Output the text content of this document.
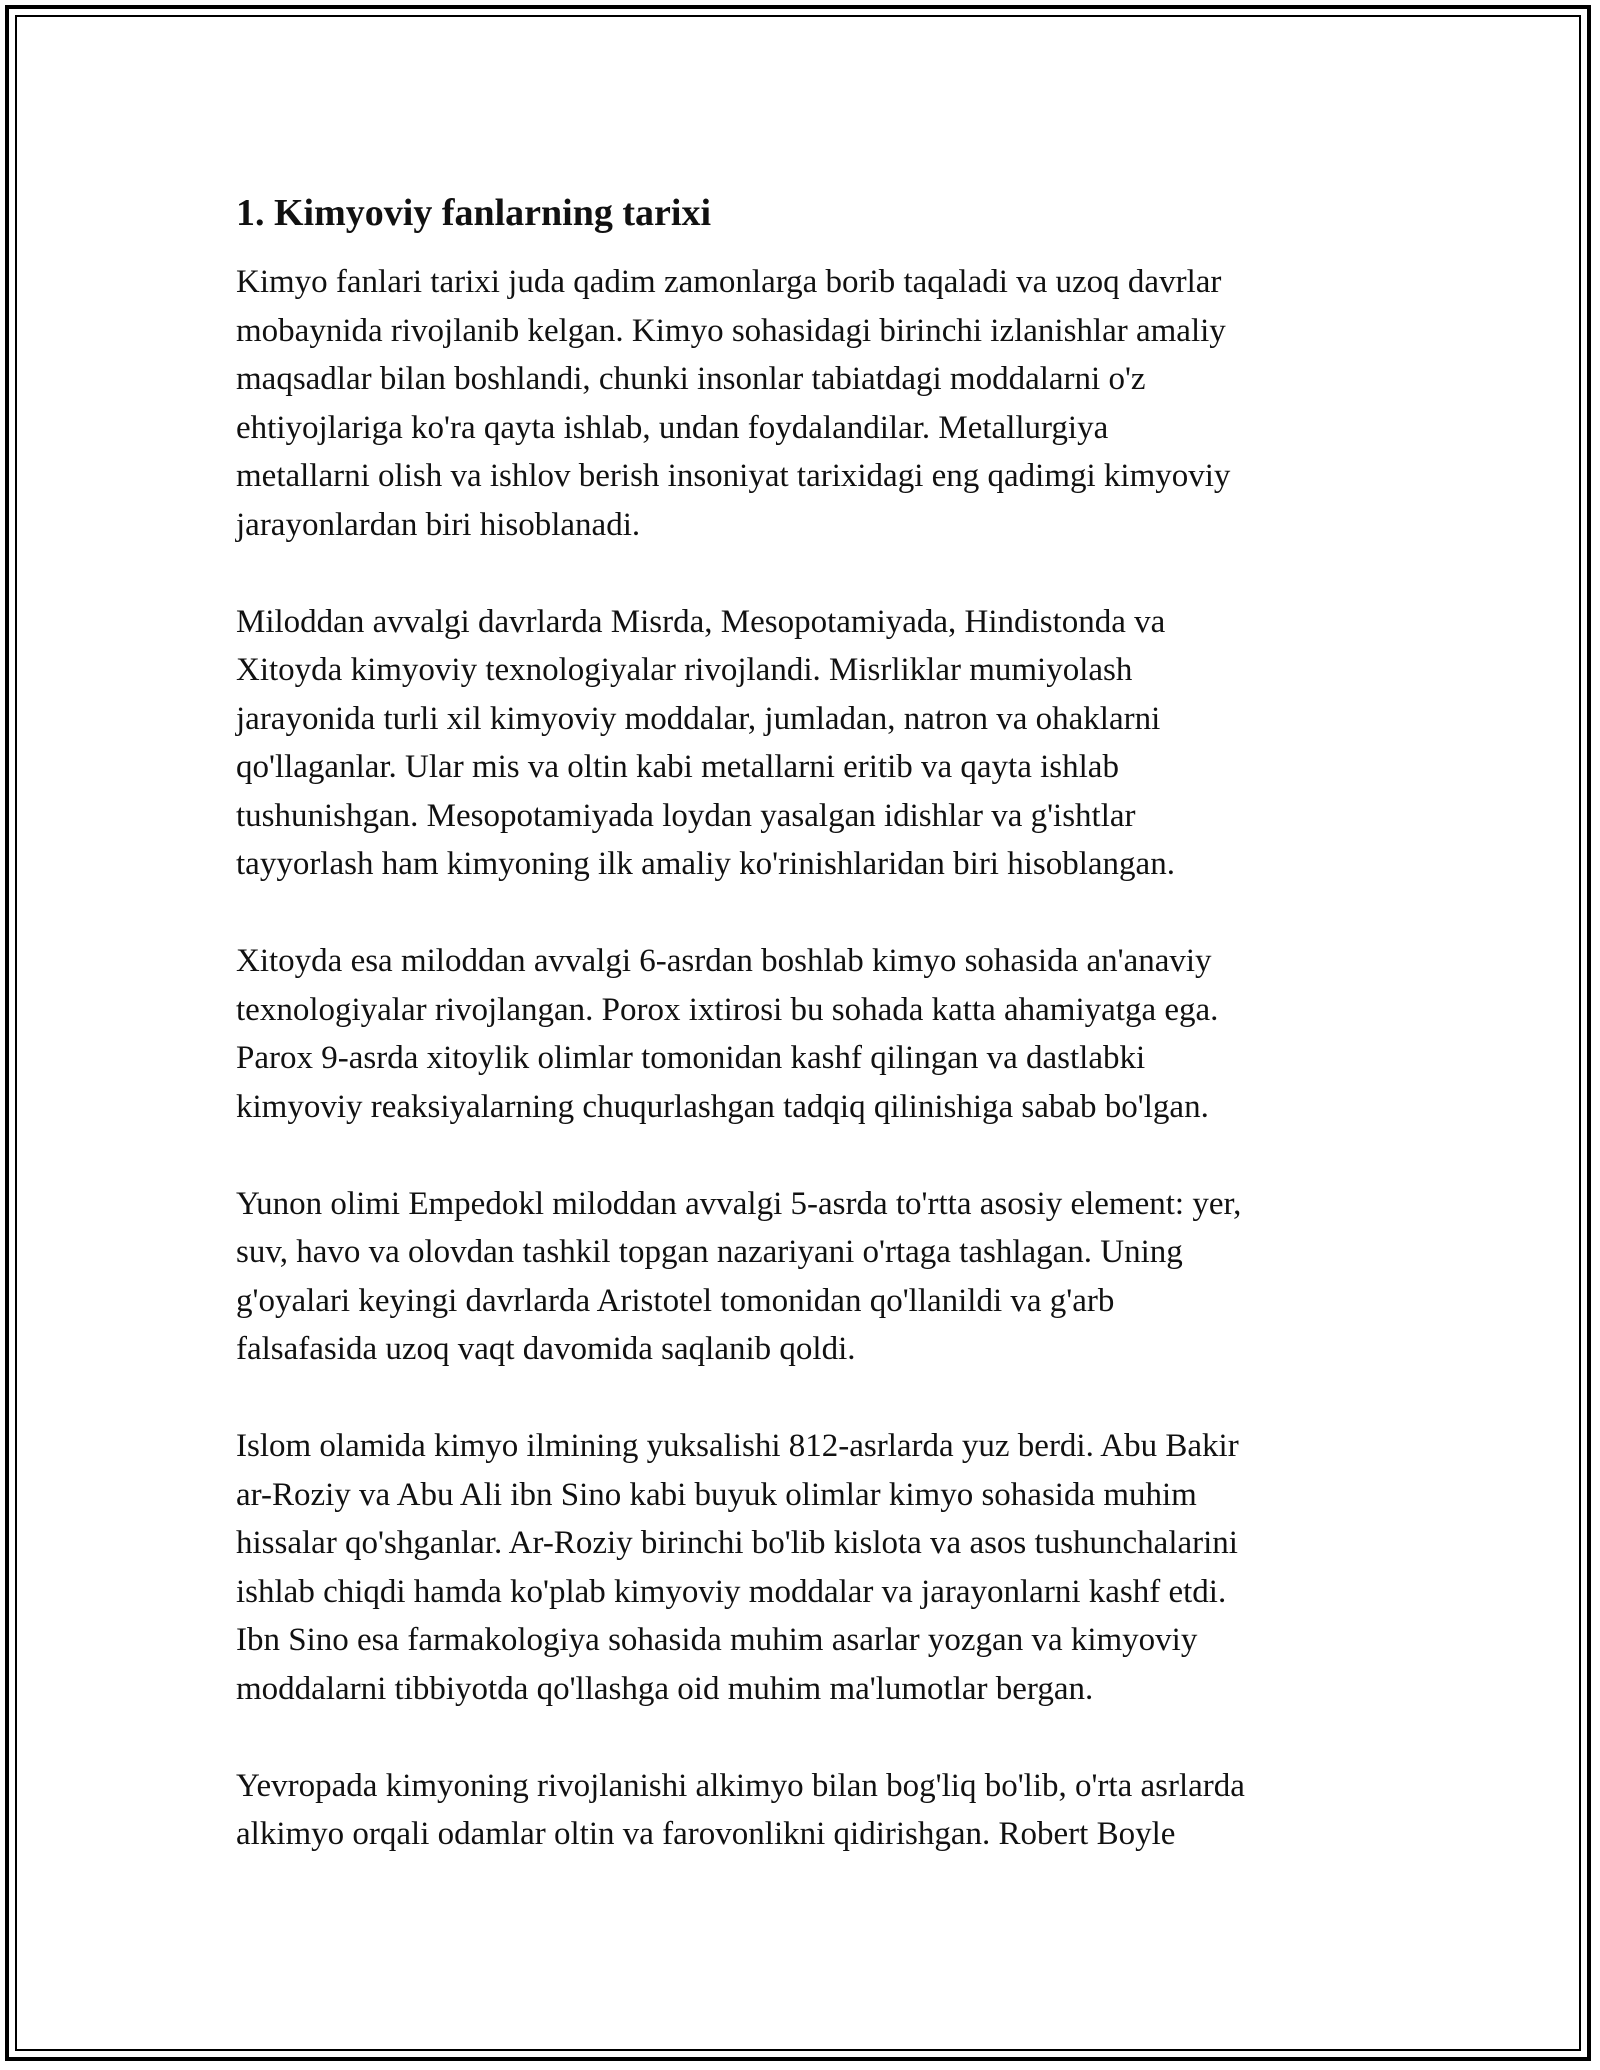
1. Kimyoviy fanlarning tarixi

Kimyo fanlari tarixi juda qadim zamonlarga borib taqaladi va uzoq davrlar
mobaynida rivojlanib kelgan. Kimyo sohasidagi birinchi izlanishlar amaliy
maqsadlar bilan boshlandi, chunki insonlar tabiatdagi moddalarni o'z
ehtiyojlariga ko'ra qayta ishlab, undan foydalandilar. Metallurgiya
metallarni olish va ishlov berish insoniyat tarixidagi eng qadimgi kimyoviy
jarayonlardan biri hisoblanadi.

Miloddan avvalgi davrlarda Misrda, Mesopotamiyada, Hindistonda va
Xitoyda kimyoviy texnologiyalar rivojlandi. Misrliklar mumiyolash
jarayonida turli xil kimyoviy moddalar, jumladan, natron va ohaklarni
qo'llaganlar. Ular mis va oltin kabi metallarni eritib va qayta ishlab
tushunishgan. Mesopotamiyada loydan yasalgan idishlar va g'ishtlar
tayyorlash ham kimyoning ilk amaliy ko'rinishlaridan biri hisoblangan.

Xitoyda esa miloddan avvalgi 6-asrdan boshlab kimyo sohasida an'anaviy
texnologiyalar rivojlangan. Porox ixtirosi bu sohada katta ahamiyatga ega.
Parox 9-asrda xitoylik olimlar tomonidan kashf qilingan va dastlabki
kimyoviy reaksiyalarning chuqurlashgan tadqiq qilinishiga sabab bo'lgan.

Yunon olimi Empedokl miloddan avvalgi 5-asrda to'rtta asosiy element: yer,
suv, havo va olovdan tashkil topgan nazariyani o'rtaga tashlagan. Uning
g'oyalari keyingi davrlarda Aristotel tomonidan qo'llanildi va g'arb
falsafasida uzoq vaqt davomida saqlanib qoldi.

Islom olamida kimyo ilmining yuksalishi 812-asrlarda yuz berdi. Abu Bakir
ar-Roziy va Abu Ali ibn Sino kabi buyuk olimlar kimyo sohasida muhim
hissalar qo'shganlar. Ar-Roziy birinchi bo'lib kislota va asos tushunchalarini
ishlab chiqdi hamda ko'plab kimyoviy moddalar va jarayonlarni kashf etdi.
Ibn Sino esa farmakologiya sohasida muhim asarlar yozgan va kimyoviy
moddalarni tibbiyotda qo'llashga oid muhim ma'lumotlar bergan.

Yevropada kimyoning rivojlanishi alkimyo bilan bog'liq bo'lib, o'rta asrlarda
alkimyo orqali odamlar oltin va farovonlikni qidirishgan. Robert Boyle
